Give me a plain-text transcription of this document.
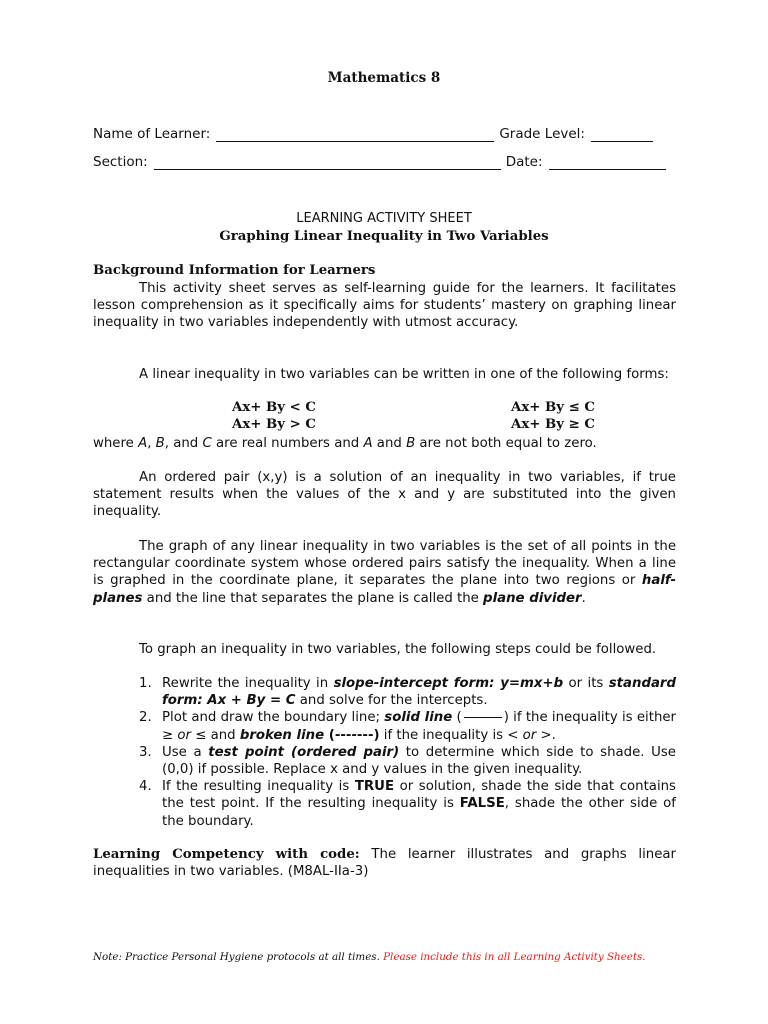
Mathematics 8
Name of Learner:	Grade Level:
Section:	Date:
LEARNING ACTIVITY SHEET
Graphing Linear Inequality in Two Variables
Background Information for Learners
This activity sheet serves as self-learning guide for the learners. It facilitates lesson comprehension as it specifically aims for students’ mastery on graphing linear inequality in two variables independently with utmost accuracy.
A linear inequality in two variables can be written in one of the following forms:
Ax+ By < C	Ax+ By ≤ C
Ax+ By > C	Ax+ By ≥ C
where A, B, and C are real numbers and A and B are not both equal to zero.
An ordered pair (x,y) is a solution of an inequality in two variables, if true statement results when the values of the x and y are substituted into the given inequality.
The graph of any linear inequality in two variables is the set of all points in the rectangular coordinate system whose ordered pairs satisfy the inequality. When a line is graphed in the coordinate plane, it separates the plane into two regions or half-planes and the line that separates the plane is called the plane divider.
To graph an inequality in two variables, the following steps could be followed.
1. Rewrite the inequality in slope-intercept form: y=mx+b or its standard form: Ax + By = C and solve for the intercepts.
2. Plot and draw the boundary line; solid line (	) if the inequality is either ≥ or ≤ and broken line (-------) if the inequality is < or >.
3. Use a test point (ordered pair) to determine which side to shade. Use (0,0) if possible. Replace x and y values in the given inequality.
4. If the resulting inequality is TRUE or solution, shade the side that contains the test point. If the resulting inequality is FALSE, shade the other side of the boundary.
Learning Competency with code: The learner illustrates and graphs linear inequalities in two variables. (M8AL-IIa-3)
Note: Practice Personal Hygiene protocols at all times. Please include this in all Learning Activity Sheets.
